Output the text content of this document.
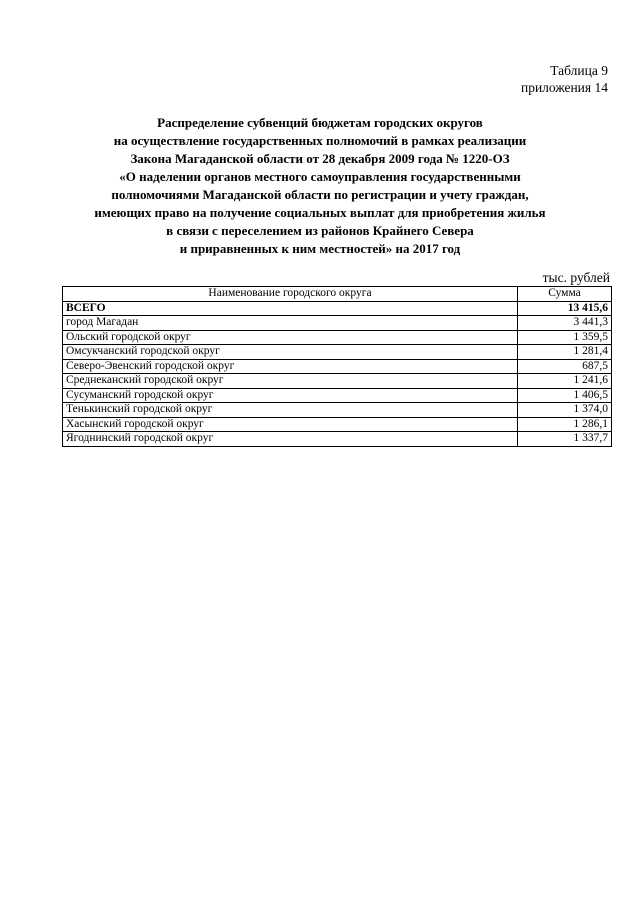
Таблица 9
приложения 14
Распределение субвенций бюджетам городских округов
на осуществление государственных полномочий в рамках реализации
Закона Магаданской области от 28 декабря 2009 года № 1220-ОЗ
«О наделении органов местного самоуправления государственными
полномочиями Магаданской области по регистрации и учету граждан,
имеющих право на получение социальных выплат для приобретения жилья
в связи с переселением из районов Крайнего Севера
и приравненных к ним местностей» на 2017 год
тыс. рублей
Наименование городского округа	Сумма
ВСЕГО	13 415,6
город Магадан	3 441,3
Ольский городской округ	1 359,5
Омсукчанский городской округ	1 281,4
Северо-Эвенский городской округ	687,5
Среднеканский городской округ	1 241,6
Сусуманский городской округ	1 406,5
Тенькинский городской округ	1 374,0
Хасынский городской округ	1 286,1
Ягоднинский городской округ	1 337,7
